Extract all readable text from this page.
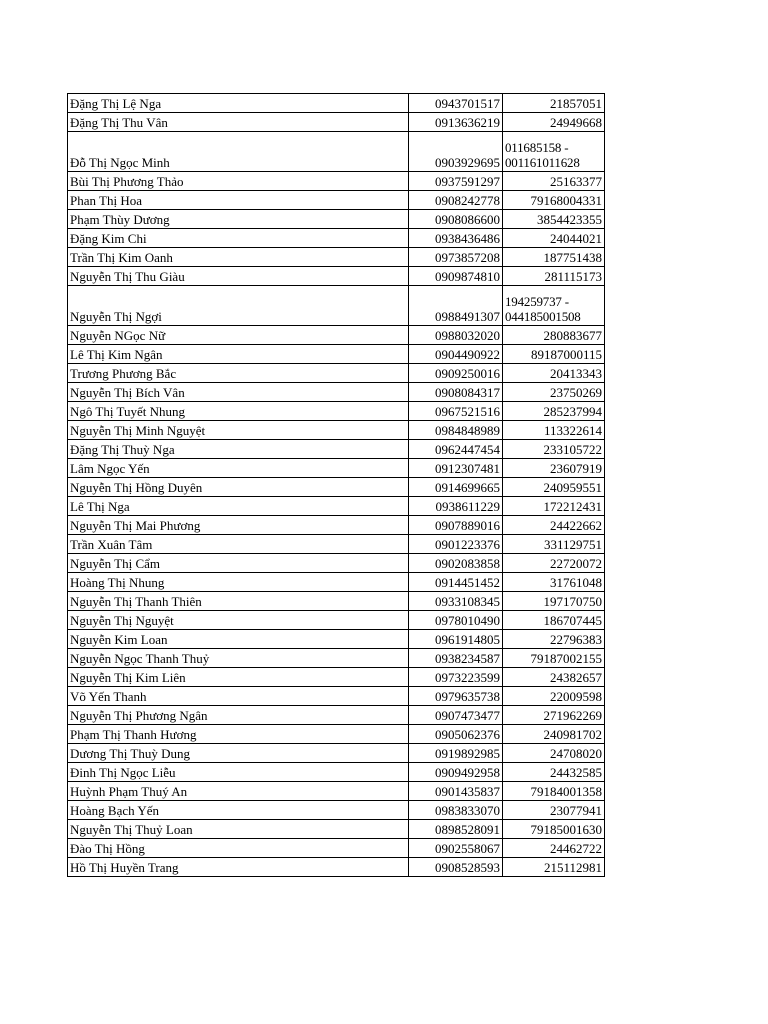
Đặng Thị Lệ Nga	0943701517	21857051
Đặng Thị Thu Vân	0913636219	24949668
Đỗ Thị Ngọc Minh	0903929695	011685158 -
001161011628
Bùi Thị Phương Thảo	0937591297	25163377
Phan Thị Hoa	0908242778	79168004331
Phạm Thùy Dương	0908086600	3854423355
Đặng Kim Chi	0938436486	24044021
Trần Thị Kim Oanh	0973857208	187751438
Nguyễn Thị Thu Giàu	0909874810	281115173
Nguyễn Thị Ngợi	0988491307	194259737 -
044185001508
Nguyễn NGọc Nữ	0988032020	280883677
Lê Thị Kim Ngân	0904490922	89187000115
Trương Phương Bắc	0909250016	20413343
Nguyễn Thị Bích Vân	0908084317	23750269
Ngô Thị Tuyết Nhung	0967521516	285237994
Nguyễn Thị Minh Nguyệt	0984848989	113322614
Đặng Thị Thuỳ Nga	0962447454	233105722
Lâm Ngọc Yến	0912307481	23607919
Nguyễn Thị Hồng Duyên	0914699665	240959551
Lê Thị Nga	0938611229	172212431
Nguyễn Thị Mai Phương	0907889016	24422662
Trần Xuân Tâm	0901223376	331129751
Nguyễn Thị Cẩm	0902083858	22720072
Hoàng Thị Nhung	0914451452	31761048
Nguyễn Thị Thanh Thiên	0933108345	197170750
Nguyễn Thị Nguyệt	0978010490	186707445
Nguyễn Kim Loan	0961914805	22796383
Nguyễn Ngọc Thanh Thuỷ	0938234587	79187002155
Nguyễn Thị Kim Liên	0973223599	24382657
Võ Yến Thanh	0979635738	22009598
Nguyễn Thị Phương Ngân	0907473477	271962269
Phạm Thị Thanh Hương	0905062376	240981702
Dương Thị Thuỳ Dung	0919892985	24708020
Đinh Thị Ngọc Liễu	0909492958	24432585
Huỳnh Phạm Thuý An	0901435837	79184001358
Hoàng Bạch Yến	0983833070	23077941
Nguyễn Thị Thuỷ Loan	0898528091	79185001630
Đào Thị Hồng	0902558067	24462722
Hồ Thị Huyền Trang	0908528593	215112981
